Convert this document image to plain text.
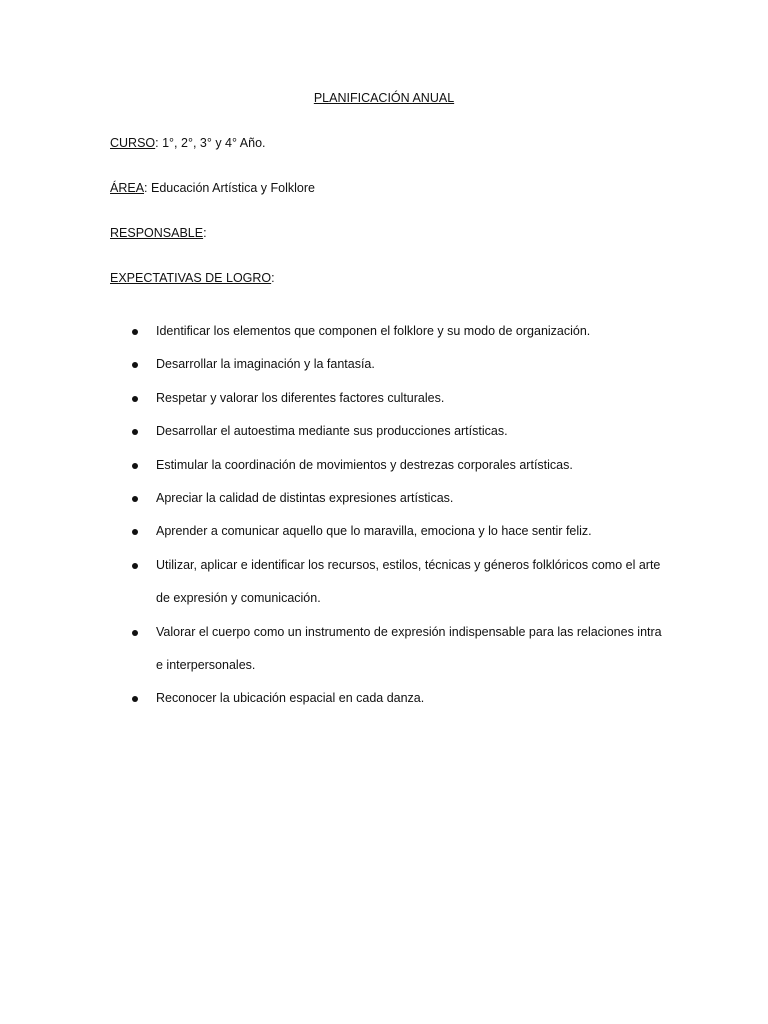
PLANIFICACIÓN ANUAL
CURSO: 1°, 2°, 3° y 4° Año.
ÁREA: Educación Artística y Folklore
RESPONSABLE:
EXPECTATIVAS DE LOGRO:
Identificar los elementos que componen el folklore y su modo de organización.
Desarrollar la imaginación y la fantasía.
Respetar y valorar los diferentes factores culturales.
Desarrollar el autoestima mediante sus producciones artísticas.
Estimular la coordinación de movimientos y destrezas corporales artísticas.
Apreciar la calidad de distintas expresiones artísticas.
Aprender a comunicar aquello que lo maravilla, emociona y lo hace sentir feliz.
Utilizar, aplicar e identificar los recursos, estilos, técnicas y géneros folklóricos como el arte de expresión y comunicación.
Valorar el cuerpo como un instrumento de expresión indispensable para las relaciones intra e interpersonales.
Reconocer la ubicación espacial en cada danza.
